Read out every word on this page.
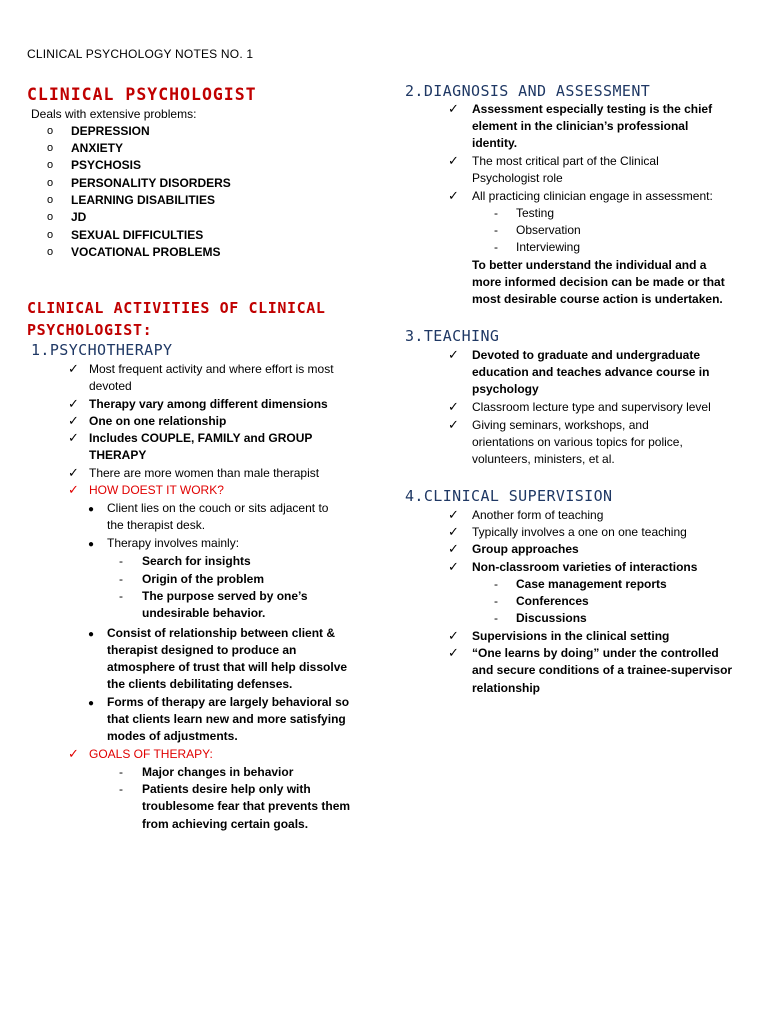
CLINICAL PSYCHOLOGY NOTES NO. 1
CLINICAL PSYCHOLOGIST
Deals with extensive problems:
o DEPRESSION
o ANXIETY
o PSYCHOSIS
o PERSONALITY DISORDERS
o LEARNING DISABILITIES
o JD
o SEXUAL DIFFICULTIES
o VOCATIONAL PROBLEMS
CLINICAL ACTIVITIES OF CLINICAL
PSYCHOLOGIST:
1.PSYCHOTHERAPY
✓ Most frequent activity and where effort is most
devoted
✓ Therapy vary among different dimensions
✓ One on one relationship
✓ Includes COUPLE, FAMILY and GROUP
THERAPY
✓ There are more women than male therapist
✓ HOW DOEST IT WORK?
● Client lies on the couch or sits adjacent to
the therapist desk.
● Therapy involves mainly:
- Search for insights
- Origin of the problem
- The purpose served by one’s
undesirable behavior.
● Consist of relationship between client &
therapist designed to produce an
atmosphere of trust that will help dissolve
the clients debilitating defenses.
● Forms of therapy are largely behavioral so
that clients learn new and more satisfying
modes of adjustments.
✓ GOALS OF THERAPY:
- Major changes in behavior
- Patients desire help only with
troublesome fear that prevents them
from achieving certain goals.
2.DIAGNOSIS AND ASSESSMENT
✓ Assessment especially testing is the chief
element in the clinician’s professional
identity.
✓ The most critical part of the Clinical
Psychologist role
✓ All practicing clinician engage in assessment:
- Testing
- Observation
- Interviewing
To better understand the individual and a
more informed decision can be made or that
most desirable course action is undertaken.
3.TEACHING
✓ Devoted to graduate and undergraduate
education and teaches advance course in
psychology
✓ Classroom lecture type and supervisory level
✓ Giving seminars, workshops, and
orientations on various topics for police,
volunteers, ministers, et al.
4.CLINICAL SUPERVISION
✓ Another form of teaching
✓ Typically involves a one on one teaching
✓ Group approaches
✓ Non-classroom varieties of interactions
- Case management reports
- Conferences
- Discussions
✓ Supervisions in the clinical setting
✓ “One learns by doing” under the controlled
and secure conditions of a trainee-supervisor
relationship
